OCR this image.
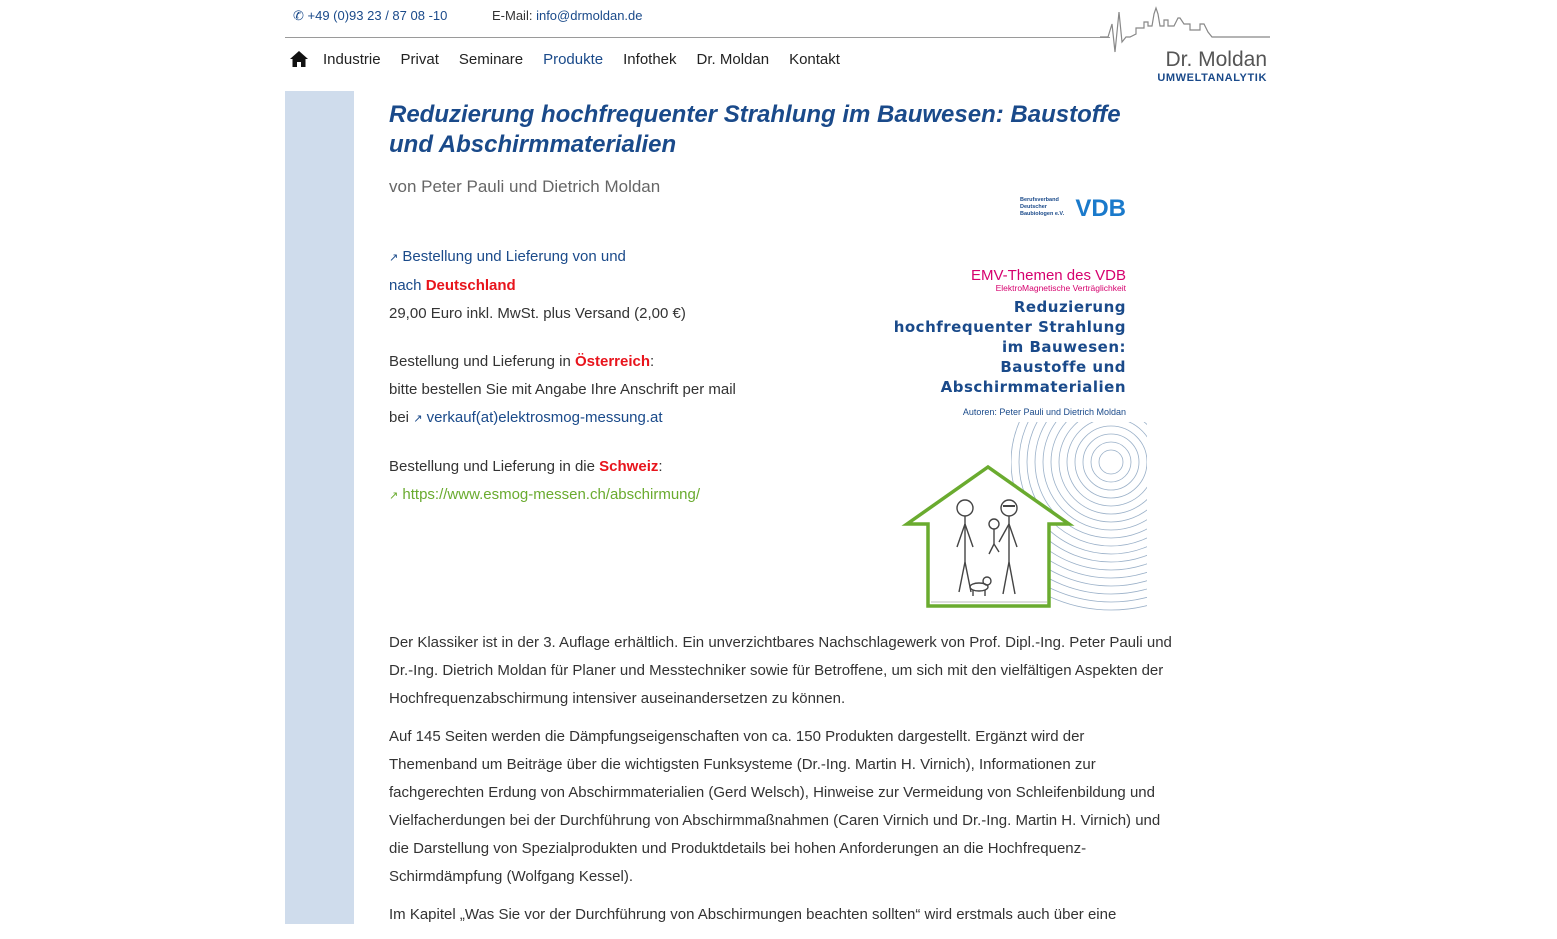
✆ +49 (0)93 23 / 87 08 -10	E-Mail: info@drmoldan.de
Dr. Moldan
UMWELTANALYTIK
Industrie Privat Seminare Produkte Infothek Dr. Moldan Kontakt
Reduzierung hochfrequenter Strahlung im Bauwesen: Baustoffe und Abschirmmaterialien
von Peter Pauli und Dietrich Moldan

↗ Bestellung und Lieferung von und
nach Deutschland
29,00 Euro inkl. MwSt. plus Versand (2,00 €)

Bestellung und Lieferung in Österreich:
bitte bestellen Sie mit Angabe Ihre Anschrift per mail
bei ↗ verkauf(at)elektrosmog-messung.at

Bestellung und Lieferung in die Schweiz:
↗ https://www.esmog-messen.ch/abschirmung/

Berufsverband
Deutscher
Baubiologen e.V. VDB
EMV-Themen des VDB
ElektroMagnetische Verträglichkeit
Reduzierung
hochfrequenter Strahlung
im Bauwesen:
Baustoffe und
Abschirmmaterialien
Autoren: Peter Pauli und Dietrich Moldan

Der Klassiker ist in der 3. Auflage erhältlich. Ein unverzichtbares Nachschlagewerk von Prof. Dipl.-Ing. Peter Pauli und Dr.-Ing. Dietrich Moldan für Planer und Messtechniker sowie für Betroffene, um sich mit den vielfältigen Aspekten der Hochfrequenzabschirmung intensiver auseinandersetzen zu können.

Auf 145 Seiten werden die Dämpfungseigenschaften von ca. 150 Produkten dargestellt. Ergänzt wird der Themenband um Beiträge über die wichtigsten Funksysteme (Dr.-Ing. Martin H. Virnich), Informationen zur fachgerechten Erdung von Abschirmmaterialien (Gerd Welsch), Hinweise zur Vermeidung von Schleifenbildung und Vielfacherdungen bei der Durchführung von Abschirmmaßnahmen (Caren Virnich und Dr.-Ing. Martin H. Virnich) und die Darstellung von Spezialprodukten und Produktdetails bei hohen Anforderungen an die Hochfrequenz-Schirmdämpfung (Wolfgang Kessel).

Im Kapitel „Was Sie vor der Durchführung von Abschirmungen beachten sollten“ wird erstmals auch über eine
